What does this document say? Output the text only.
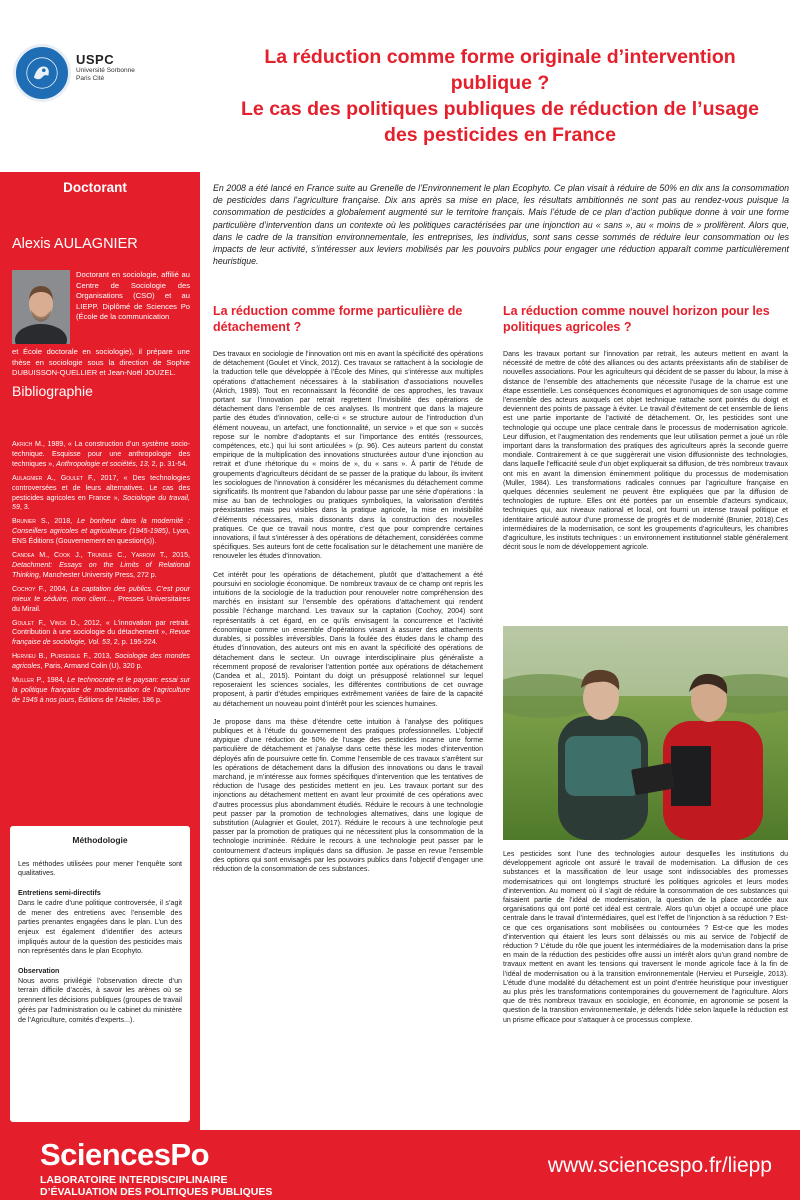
USPC
Université Sorbonne
Paris Cité
La réduction comme forme originale d’intervention
publique ?
Le cas des politiques publiques de réduction de l’usage
des pesticides en France
Doctorant
Alexis AULAGNIER
Doctorant en sociologie, affilié au Centre de Sociologie des Organisations (CSO) et au LIEPP. Diplômé de Sciences Po (École de la communication
et École doctorale en sociologie), il prépare une thèse en sociologie sous la direction de Sophie DUBUISSON-QUELLIER et Jean-Noël JOUZEL.
Bibliographie

Akrich M., 1989, « La construction d’un système socio-technique. Esquisse pour une anthropologie des techniques », Anthropologie et sociétés, 13, 2, p. 31-54.

Aulagnier A., Goulet F., 2017, « Des technologies controversées et de leurs alternatives. Le cas des pesticides agricoles en France », Sociologie du travail, 59, 3.

Brunier S., 2018, Le bonheur dans la modernité : Conseillers agricoles et agriculteurs (1945-1985), Lyon, ENS Éditions (Gouvernement en question(s)).

Candea M., Cook J., Trundle C., Yarrow T., 2015, Detachment: Essays on the Limits of Relational Thinking, Manchester University Press, 272 p.

Cochoy F., 2004, La captation des publics. C’est pour mieux te séduire, mon client…, Presses Universitaires du Mirail.

Goulet F., Vinck D., 2012, « L’innovation par retrait. Contribution à une sociologie du détachement », Revue française de sociologie, Vol. 53, 2, p. 195-224.

Hervieu B., Purseigle F., 2013, Sociologie des mondes agricoles, Paris, Armand Colin (U), 320 p.

Muller P., 1984, Le technocrate et le paysan: essai sur la politique française de modernisation de l’agriculture de 1945 à nos jours, Éditions de l’Atelier, 186 p.

Méthodologie

Les méthodes utilisées pour mener l’enquête sont qualitatives.

Entretiens semi-directifs

Dans le cadre d’une politique controversée, il s’agit de mener des entretiens avec l’ensemble des parties prenantes engagées dans le plan. L’un des enjeux est également d’identifier des acteurs impliqués autour de la question des pesticides mais non représentés dans le plan Ecophyto.

Observation

Nous avons privilégié l’observation directe d’un terrain difficile d’accès, à savoir les arènes où se prennent les décisions publiques (groupes de travail gérés par l’administration ou le cabinet du ministère de l’Agriculture, comités d’experts...).

En 2008 a été lancé en France suite au Grenelle de l’Environnement le plan Ecophyto. Ce plan visait à réduire de 50% en dix ans la consommation de pesticides dans l’agriculture française. Dix ans après sa mise en place, les résultats ambitionnés ne sont pas au rendez-vous puisque la consommation de pesticides a globalement augmenté sur le territoire français. Mais l’étude de ce plan d’action publique donne à voir une forme particulière d’intervention dans un contexte où les politiques caractérisées par une injonction au « sans », au « moins de » prolifèrent. Alors que, dans le cadre de la transition environnementale, les entreprises, les individus, sont sans cesse sommés de réduire leur consommation ou les impacts de leur activité, s’intéresser aux leviers mobilisés par les pouvoirs publics pour engager une réduction apparaît comme particulièrement heuristique.
La réduction comme forme particulière de détachement ?

Des travaux en sociologie de l’innovation ont mis en avant la spécificité des opérations de détachement (Goulet et Vinck, 2012). Ces travaux se rattachent à la sociologie de la traduction telle que développée à l’École des Mines, qui s’intéresse aux multiples opérations d’attachement nécessaires à la stabilisation d’associations nouvelles (Akrich, 1989). Tout en reconnaissant la fécondité de ces approches, les travaux portant sur l’innovation par retrait regrettent l’invisibilité des opérations de détachement dans l’ensemble de ces analyses. Ils montrent que dans la majeure partie des études d’innovation, celle-ci « se structure autour de l’introduction d’un élément nouveau, un artefact, une fonctionnalité, un service » et que son « succès repose sur le nombre d’adoptants et sur l’importance des entités (ressources, compétences, etc.) qui lui sont articulées » (p. 96). Ces auteurs partent du constat empirique de la multiplication des innovations structurées autour d’une injonction au retrait et d’une rhétorique du « moins de », du « sans ». À partir de l’étude de groupements d’agriculteurs décidant de se passer de la pratique du labour, ils invitent les sociologues de l’innovation à considérer les mécanismes du détachement comme significatifs. Ils montrent que l’abandon du labour passe par une série d’opérations : la mise au ban de technologies ou pratiques symboliques, la valorisation d’entités préexistantes mais peu visibles dans la pratique agricole, la mise en invisibilité d’éléments nécessaires, mais dissonants dans la construction des nouvelles pratiques. Ce que ce travail nous montre, c’est que pour comprendre certaines innovations, il faut s’intéresser à des opérations de détachement, considérées comme spécifiques. Ses auteurs font de cette focalisation sur le détachement une manière de renouveler les études d’innovation.

Cet intérêt pour les opérations de détachement, plutôt que d’attachement a été poursuivi en sociologie économique. De nombreux travaux de ce champ ont repris les intuitions de la sociologie de la traduction pour renouveler notre compréhension des marchés en insistant sur l’ensemble des opérations d’attachement qui rendent possible l’échange marchand. Les travaux sur la captation (Cochoy, 2004) sont représentatifs à cet égard, en ce qu’ils envisagent la concurrence et l’activité économique comme un ensemble d’opérations visant à assurer des attachements durables, si possibles irréversibles. Dans la foulée des études dans le champ des études d’innovation, des auteurs ont mis en avant la spécificité des opérations de détachement dans le secteur. Un ouvrage interdisciplinaire plus généraliste a récemment proposé de revaloriser l’attention portée aux opérations de détachement (Candea et al., 2015). Pointant du doigt un présupposé relationnel sur lequel reposeraient les sciences sociales, les différentes contributions de cet ouvrage proposent, à partir d’études empiriques extrêmement variées de faire de la capacité au détachement un nouveau point d’intérêt pour les sciences humaines.

Je propose dans ma thèse d’étendre cette intuition à l’analyse des politiques publiques et à l’étude du gouvernement des pratiques professionnelles. L’objectif atypique d’une réduction de 50% de l’usage des pesticides incarne une forme particulière de détachement et j’analyse dans cette thèse les modes d’intervention déployés afin de poursuivre cette fin. Comme l’ensemble de ces travaux s’arrêtent sur les opérations de détachement dans la diffusion des innovations ou dans le travail marchand, je m’intéresse aux formes spécifiques d’intervention que les tentatives de réduction de l’usage des pesticides mettent en jeu. Les travaux portant sur des injonctions au détachement mettent en avant leur proximité de ces opérations avec d’autres processus plus abondamment étudiés. Réduire le recours à une technologie peut passer par la promotion de technologies alternatives, dans une logique de substitution (Aulagnier et Goulet, 2017). Réduire le recours à une technologie peut passer par la promotion de pratiques qui ne nécessitent plus la consommation de la technologie incriminée. Réduire le recours à une technologie peut passer par le contournement d’acteurs impliqués dans sa diffusion. Je passe en revue l’ensemble des options qui sont envisagés par les pouvoirs publics dans l’objectif d’engager une réduction de la consommation de ces substances.

La réduction comme nouvel horizon pour les politiques agricoles ?

Dans les travaux portant sur l’innovation par retrait, les auteurs mettent en avant la nécessité de mettre de côté des alliances ou des actants préexistants afin de stabiliser de nouvelles associations. Pour les agriculteurs qui décident de se passer du labour, la mise à distance de l’ensemble des attachements que nécessite l’usage de la charrue est une étape essentielle. Les conséquences économiques et agronomiques de son usage comme l’ensemble des acteurs auxquels cet objet technique rattache sont pointés du doigt et deviennent des points de passage à éviter. Le travail d’évitement de cet ensemble de liens est une partie importante de l’activité de détachement. Or, les pesticides sont une technologie qui occupe une place centrale dans le processus de modernisation agricole. Leur diffusion, et l’augmentation des rendements que leur utilisation permet a joué un rôle important dans la transformation des pratiques des agriculteurs après la seconde guerre mondiale. Contrairement à ce que suggèrerait une vision diffusionniste des technologies, dans laquelle l’efficacité seule d’un objet expliquerait sa diffusion, de très nombreux travaux ont mis en avant la dimension éminemment politique du processus de modernisation (Muller, 1984). Les transformations radicales connues par l’agriculture française en quelques décennies seulement ne peuvent être expliquées que par la diffusion de technologies de rupture. Elles ont été portées par un ensemble d’acteurs syndicaux, techniques qui, aux niveaux national et local, ont fourni un intense travail politique et identitaire articulé autour d’une promesse de progrès et de modernité (Brunier, 2018).Ces intermédiaires de la modernisation, ce sont les groupements d’agriculteurs, les chambres d’agriculture, les instituts techniques : un environnement institutionnel stable généralement décrit sous le nom de développement agricole.

Les pesticides sont l’une des technologies autour desquelles les institutions du développement agricole ont assuré le travail de modernisation. La diffusion de ces substances et la massification de leur usage sont indissociables des promesses modernisatrices qui ont longtemps structuré les politiques agricoles et leurs modes d’intervention. Au moment où il s’agit de réduire la consommation de ces substances qui faisaient partie de l’idéal de modernisation, la question de la place accordée aux organisations qui ont porté cet idéal est centrale. Alors qu’un objet a occupé une place centrale dans le travail d’intermédiaires, quel est l’effet de l’injonction à sa réduction ? Est-ce que ces organisations sont mobilisées ou contournées ? Est-ce que les modes d’intervention qui étaient les leurs sont délaissés ou mis au service de l’objectif de réduction ? L’étude du rôle que jouent les intermédiaires de la modernisation dans la prise en main de la réduction des pesticides offre aussi un intérêt alors qu’un grand nombre de travaux mettent en avant les tensions qui traversent le monde agricole face à la fin de l’idéal de modernisation ou à la transition environnementale (Hervieu et Purseigle, 2013). L’étude d’une modalité du détachement est un point d’entrée heuristique pour investiguer au plus près les transformations contemporaines du gouvernement de l’agriculture. Alors que de très nombreux travaux en sociologie, en économie, en agronomie se posent la question de la transition environnementale, je défends l’idée selon laquelle la réduction est un prisme efficace pour s’attaquer à ce processus complexe.

SciencesPo
LABORATOIRE INTERDISCIPLINAIRE
D’ÉVALUATION DES POLITIQUES PUBLIQUES
www.sciencespo.fr/liepp
